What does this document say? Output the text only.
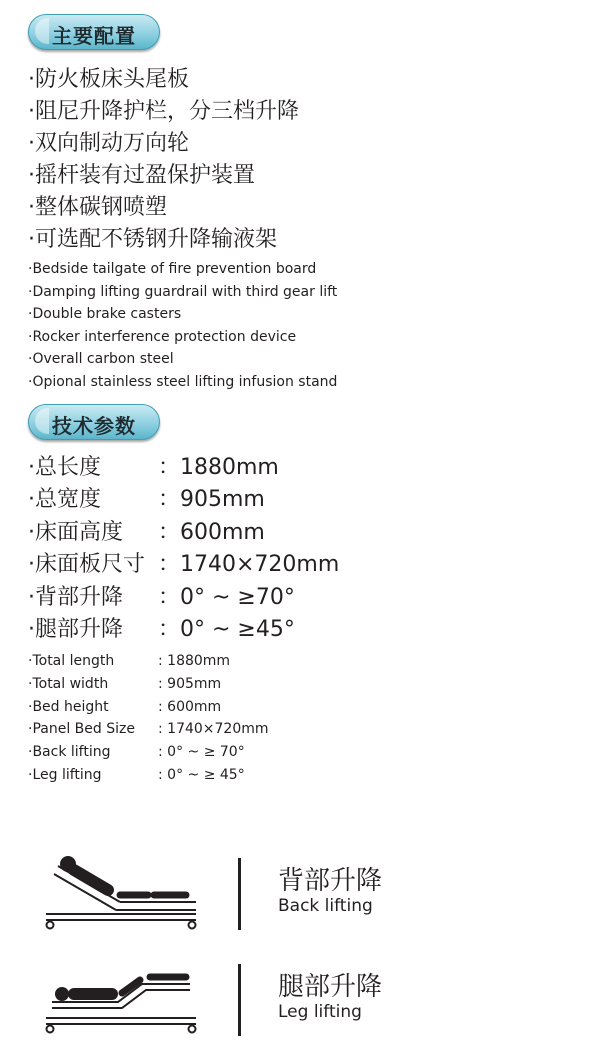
主要配置
·防火板床头尾板
·阻尼升降护栏，分三档升降
·双向制动万向轮
·摇杆装有过盈保护装置
·整体碳钢喷塑
·可选配不锈钢升降输液架
·Bedside tailgate of fire prevention board
·Damping lifting guardrail with third gear lift
·Double brake casters
·Rocker interference protection device
·Overall carbon steel
·Opional stainless steel lifting infusion stand
技术参数
·总长度	：1880mm
·总宽度	：905mm
·床面高度 ：600mm
·床面板尺寸 ：1740×720mm
·背部升降 ：0° ~ ≥70°
·腿部升降 ：0° ~ ≥45°
·Total length	: 1880mm
·Total width	: 905mm
·Bed height	: 600mm
·Panel Bed Size : 1740×720mm
·Back lifting	: 0° ~ ≥ 70°
·Leg lifting	: 0° ~ ≥ 45°
背部升降
Back lifting
腿部升降
Leg lifting
